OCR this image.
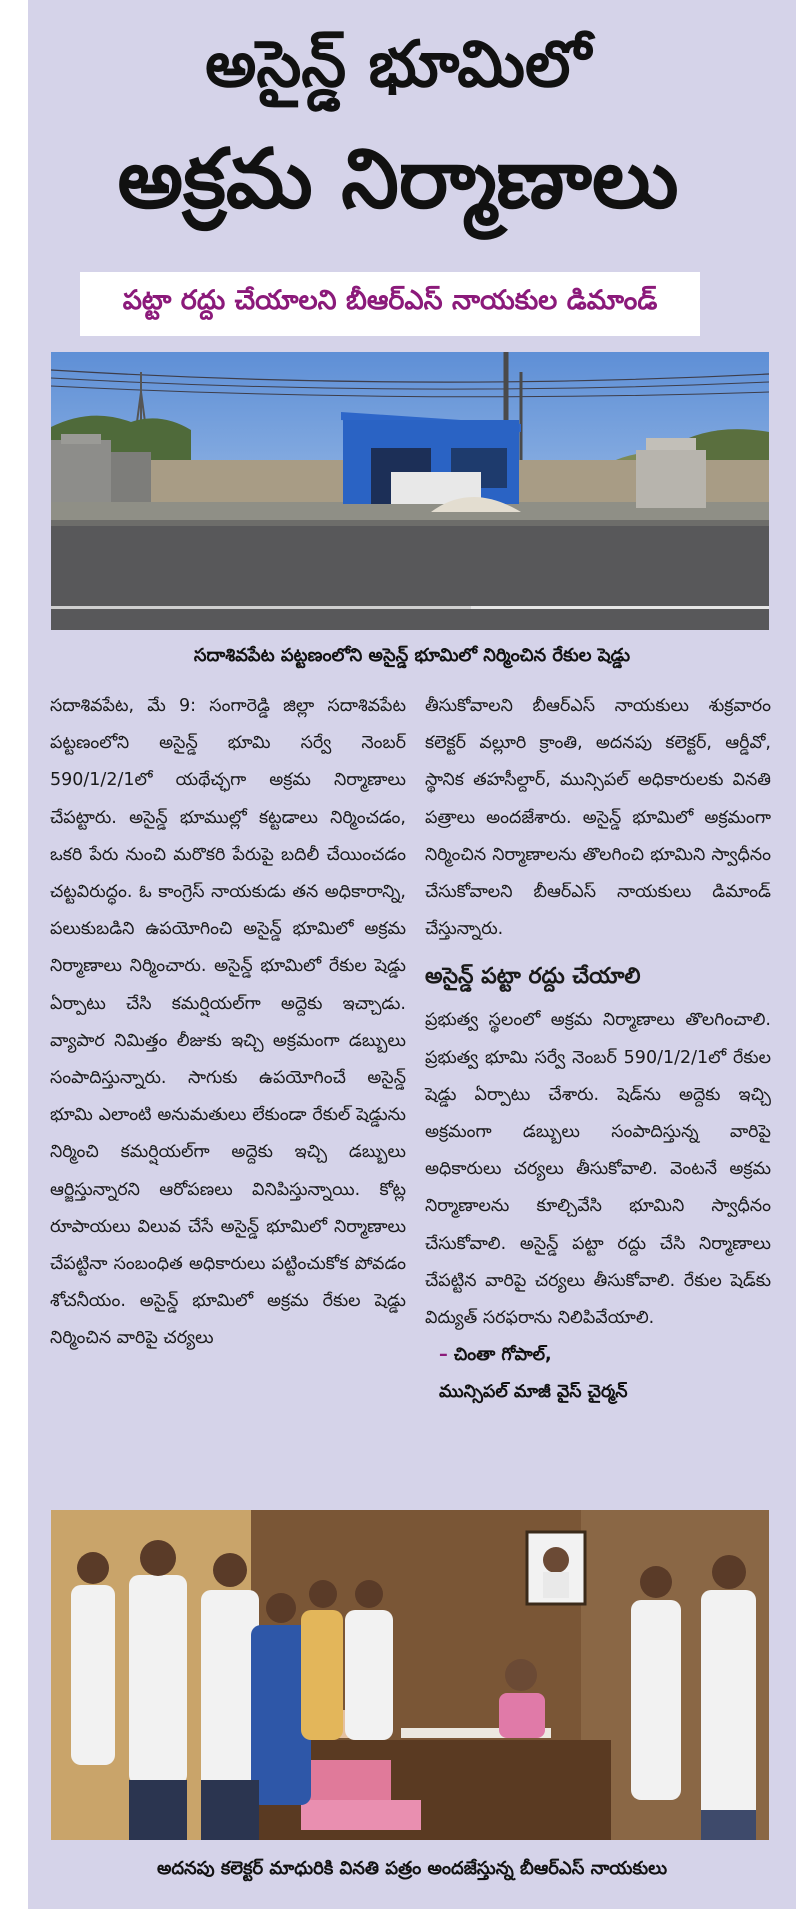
అసైన్డ్ భూమిలో
అక్రమ నిర్మాణాలు
పట్టా రద్దు చేయాలని బీఆర్ఎస్ నాయకుల డిమాండ్
సదాశివపేట పట్టణంలోని అసైన్డ్ భూమిలో నిర్మించిన రేకుల షెడ్డు

సదాశివపేట, మే 9: సంగారెడ్డి జిల్లా సదాశివపేట పట్టణంలోని అసైన్డ్ భూమి సర్వే నెంబర్ 590/1/2/1లో యథేచ్ఛగా అక్రమ నిర్మాణాలు చేపట్టారు. అసైన్డ్ భూముల్లో కట్టడాలు నిర్మించడం, ఒకరి పేరు నుంచి మరొకరి పేరుపై బదిలీ చేయించడం చట్టవిరుద్ధం. ఓ కాంగ్రెస్ నాయకుడు తన అధికారాన్ని, పలుకుబడిని ఉపయోగించి అసైన్డ్ భూమిలో అక్రమ నిర్మాణాలు నిర్మించారు. అసైన్డ్ భూమిలో రేకుల షెడ్డు ఏర్పాటు చేసి కమర్షియల్‌గా అద్దెకు ఇచ్చాడు. వ్యాపార నిమిత్తం లీజుకు ఇచ్చి అక్రమంగా డబ్బులు సంపాదిస్తున్నారు. సాగుకు ఉపయోగించే అసైన్డ్ భూమి ఎలాంటి అనుమతులు లేకుండా రేకుల్ షెడ్డును నిర్మించి కమర్షియల్‌గా అద్దెకు ఇచ్చి డబ్బులు ఆర్జిస్తున్నారని ఆరోపణలు వినిపిస్తున్నాయి. కోట్ల రూపాయలు విలువ చేసే అసైన్డ్ భూమిలో నిర్మాణాలు చేపట్టినా సంబంధిత అధికారులు పట్టించుకోక పోవడం శోచనీయం. అసైన్డ్ భూమిలో అక్రమ రేకుల షెడ్డు నిర్మించిన వారిపై చర్యలు

తీసుకోవాలని బీఆర్ఎస్ నాయకులు శుక్రవారం కలెక్టర్ వల్లూరి క్రాంతి, అదనపు కలెక్టర్, ఆర్డీవో, స్థానిక తహసీల్దార్, మున్సిపల్ అధికారులకు వినతి పత్రాలు అందజేశారు. అసైన్డ్ భూమిలో అక్రమంగా నిర్మించిన నిర్మాణాలను తొలగించి భూమిని స్వాధీనం చేసుకోవాలని బీఆర్ఎస్ నాయకులు డిమాండ్ చేస్తున్నారు.

అసైన్డ్ పట్టా రద్దు చేయాలి

ప్రభుత్వ స్థలంలో అక్రమ నిర్మాణాలు తొలగించాలి. ప్రభుత్వ భూమి సర్వే నెంబర్ 590/1/2/1లో రేకుల షెడ్డు ఏర్పాటు చేశారు. షెడ్‌ను అద్దెకు ఇచ్చి అక్రమంగా డబ్బులు సంపాదిస్తున్న వారిపై అధికారులు చర్యలు తీసుకోవాలి. వెంటనే అక్రమ నిర్మాణాలను కూల్చివేసి భూమిని స్వాధీనం చేసుకోవాలి. అసైన్డ్ పట్టా రద్దు చేసి నిర్మాణాలు చేపట్టిన వారిపై చర్యలు తీసుకోవాలి. రేకుల షెడ్‌కు విద్యుత్ సరఫరాను నిలిపివేయాలి.

– చింతా గోపాల్,

మున్సిపల్ మాజీ వైస్ చైర్మన్

అదనపు కలెక్టర్ మాధురికి వినతి పత్రం అందజేస్తున్న బీఆర్ఎస్ నాయకులు
